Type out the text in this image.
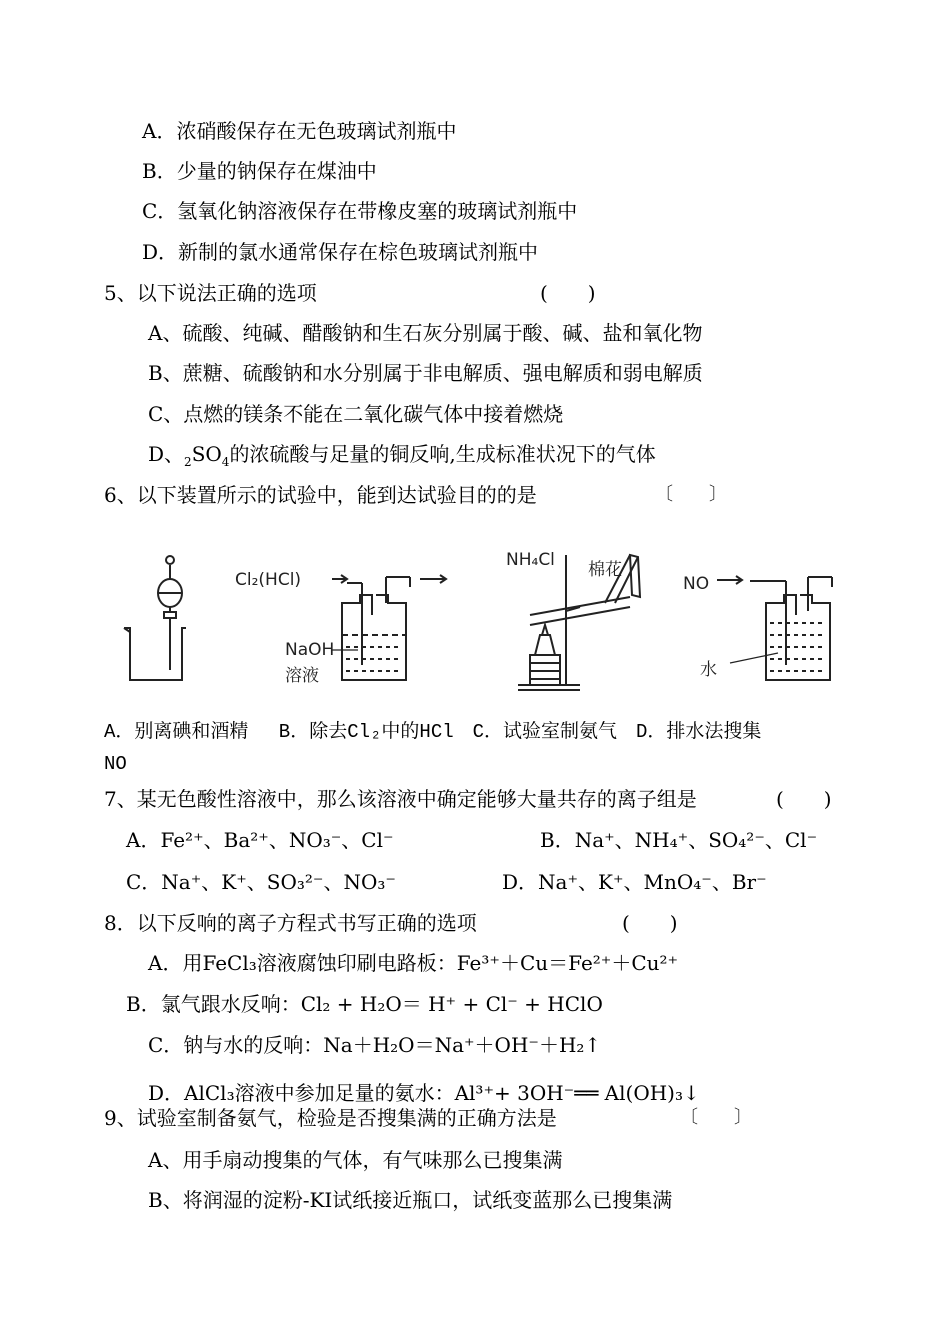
A．浓硝酸保存在无色玻璃试剂瓶中
B．少量的钠保存在煤油中
C．氢氧化钠溶液保存在带橡皮塞的玻璃试剂瓶中
D．新制的氯水通常保存在棕色玻璃试剂瓶中
5、以下说法正确的选项	(　　)
A、硫酸、纯碱、醋酸钠和生石灰分别属于酸、碱、盐和氧化物
B、蔗糖、硫酸钠和水分别属于非电解质、强电解质和弱电解质
C、点燃的镁条不能在二氧化碳气体中接着燃烧
D、$_2SO_4$的浓硫酸与足量的铜反响,生成标准状况下的气体
6、以下装置所示的试验中，能到达试验目的的是	〔　　〕
Cl₂(HCl)
NaOH
溶液
NH₄Cl 棉花
NO
水
A．别离碘和酒精　 B．除去Cl₂中的HCl　C．试验室制氨气　D．排水法搜集
NO
7、某无色酸性溶液中，那么该溶液中确定能够大量共存的离子组是	(　　)
A．Fe²⁺、Ba²⁺、NO₃⁻、Cl⁻	B．Na⁺、NH₄⁺、SO₄²⁻、Cl⁻
C．Na⁺、K⁺、SO₃²⁻、NO₃⁻	D．Na⁺、K⁺、MnO₄⁻、Br⁻
8．以下反响的离子方程式书写正确的选项	(　　)
A．用FeCl₃溶液腐蚀印刷电路板：Fe³⁺＋Cu＝Fe²⁺＋Cu²⁺
B．氯气跟水反响：Cl₂ + H₂O＝ H⁺ + Cl⁻ + HClO
C．钠与水的反响：Na＋H₂O＝Na⁺＋OH⁻＋H₂↑
D．AlCl₃溶液中参加足量的氨水：Al³⁺+ 3OH⁻══ Al(OH)₃↓
9、试验室制备氨气，检验是否搜集满的正确方法是	〔　　〕
A、用手扇动搜集的气体，有气味那么已搜集满
B、将润湿的淀粉-KI试纸接近瓶口，试纸变蓝那么已搜集满
